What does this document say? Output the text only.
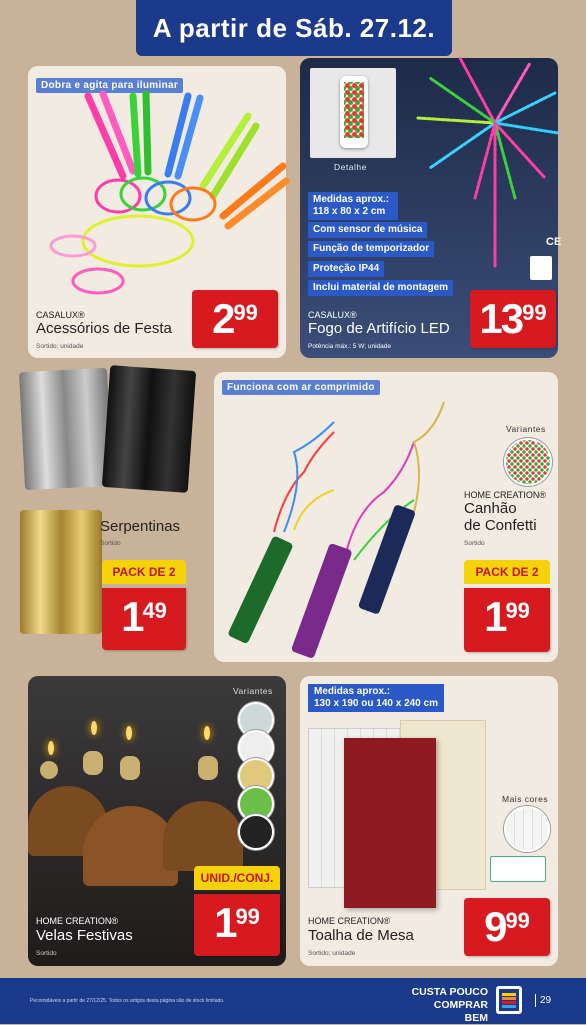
A partir de Sáb. 27.12.
Dobra e agita para iluminar
CASALUX®
Acessórios de Festa
Sortido; unidade
2 99
Detalhe
Medidas aprox.: 118 x 80 x 2 cm
Com sensor de música
Função de temporizador
Proteção IP44
Inclui material de montagem
CE
CASALUX®
Fogo de Artifício LED
Potência máx.: 5 W; unidade
13 99
Serpentinas
Sortido
PACK DE 2
1 49
Funciona com ar comprimido
Variantes
HOME CREATION®
Canhão
de Confetti
Sortido
PACK DE 2
1 99
Variantes
UNID./CONJ.
1 99
HOME CREATION®
Velas Festivas
Sortido
Medidas aprox.:
130 x 190 ou 140 x 240 cm
Mais cores
HOME CREATION®
Toalha de Mesa
Sortido; unidade
9 99
Pecomidáveis a partir de 27/12/25. Todos os artigos desta página são de stock limitado.
CUSTA POUCO
COMPRAR BEM
29
